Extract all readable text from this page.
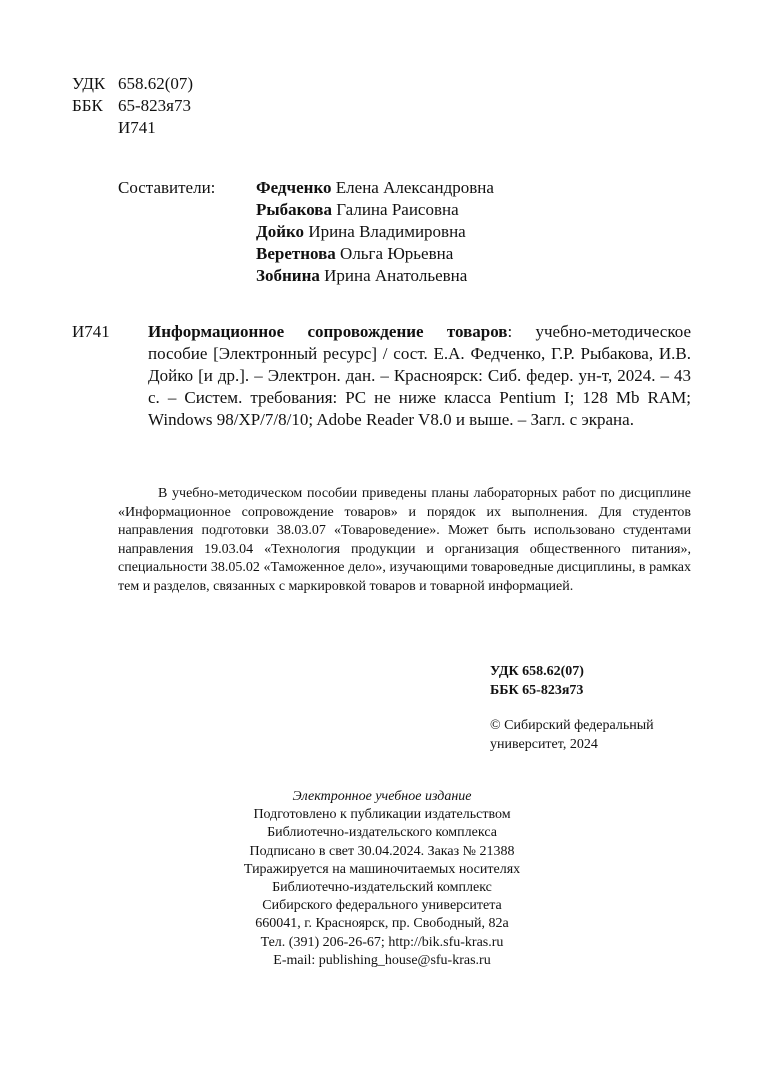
УДК 658.62(07)
ББК 65-823я73
И741
Составители: Федченко Елена Александровна
Рыбакова Галина Раисовна
Дойко Ирина Владимировна
Веретнова Ольга Юрьевна
Зобнина Ирина Анатольевна
И741 Информационное сопровождение товаров: учебно-методическое пособие [Электронный ресурс] / сост. Е.А. Федченко, Г.Р. Рыбакова, И.В. Дойко [и др.]. – Электрон. дан. – Красноярск: Сиб. федер. ун-т, 2024. – 43 с. – Систем. требования: PC не ниже класса Pentium I; 128 Mb RAM; Windows 98/XP/7/8/10; Adobe Reader V8.0 и выше. – Загл. с экрана.
В учебно-методическом пособии приведены планы лабораторных работ по дисциплине «Информационное сопровождение товаров» и порядок их выполнения. Для студентов направления подготовки 38.03.07 «Товароведение». Может быть использовано студентами направления 19.03.04 «Технология продукции и организация общественного питания», специальности 38.05.02 «Таможенное дело», изучающими товароведные дисциплины, в рамках тем и разделов, связанных с маркировкой товаров и товарной информацией.
УДК 658.62(07)
ББК 65-823я73
© Сибирский федеральный
университет, 2024
Электронное учебное издание
Подготовлено к публикации издательством
Библиотечно-издательского комплекса
Подписано в свет 30.04.2024. Заказ № 21388
Тиражируется на машиночитаемых носителях
Библиотечно-издательский комплекс
Сибирского федерального университета
660041, г. Красноярск, пр. Свободный, 82а
Тел. (391) 206-26-67; http://bik.sfu-kras.ru
E-mail: publishing_house@sfu-kras.ru
